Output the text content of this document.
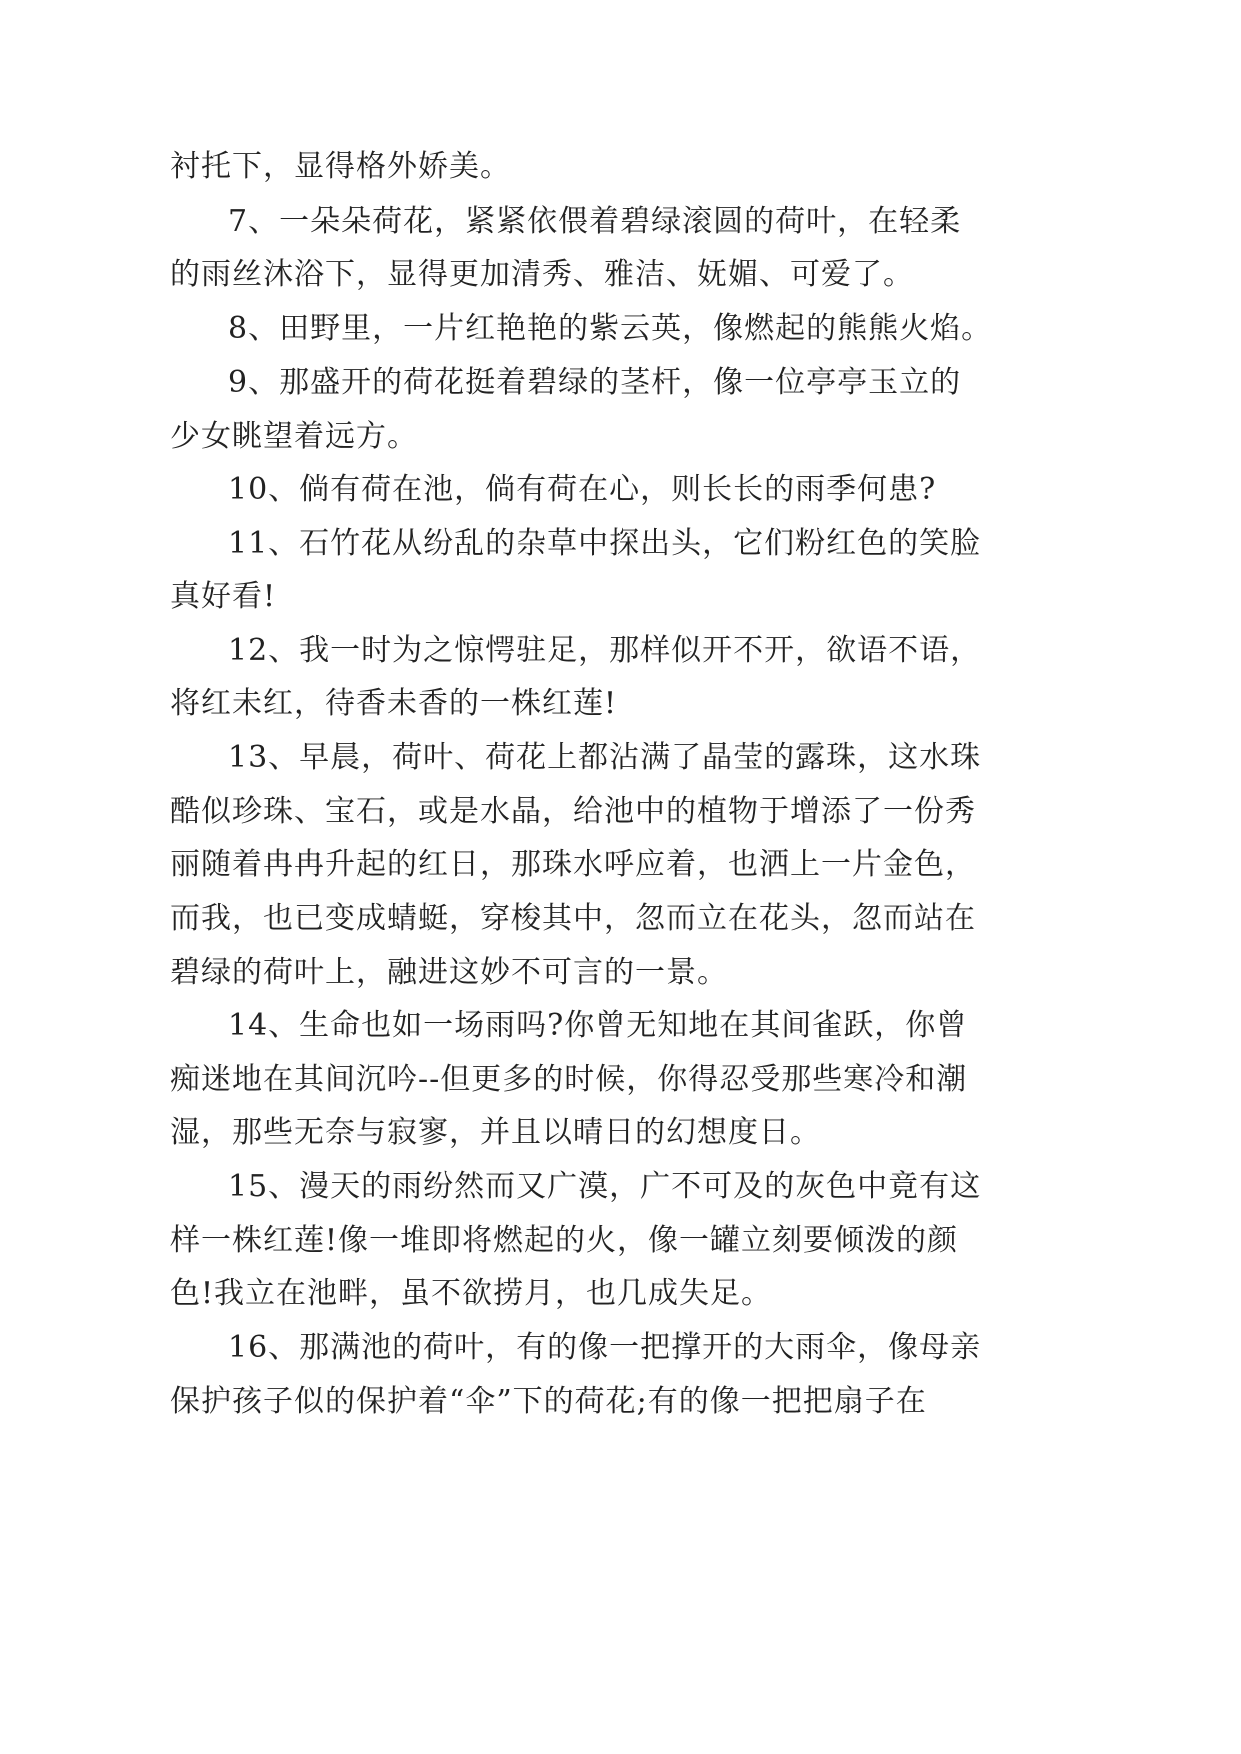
衬托下，显得格外娇美。
7、一朵朵荷花，紧紧依偎着碧绿滚圆的荷叶，在轻柔
的雨丝沐浴下，显得更加清秀、雅洁、妩媚、可爱了。
8、田野里，一片红艳艳的紫云英，像燃起的熊熊火焰。
9、那盛开的荷花挺着碧绿的茎杆，像一位亭亭玉立的
少女眺望着远方。
10、倘有荷在池，倘有荷在心，则长长的雨季何患?
11、石竹花从纷乱的杂草中探出头，它们粉红色的笑脸
真好看!
12、我一时为之惊愕驻足，那样似开不开，欲语不语，
将红未红，待香未香的一株红莲!
13、早晨，荷叶、荷花上都沾满了晶莹的露珠，这水珠
酷似珍珠、宝石，或是水晶，给池中的植物于增添了一份秀
丽随着冉冉升起的红日，那珠水呼应着，也洒上一片金色，
而我，也已变成蜻蜓，穿梭其中，忽而立在花头，忽而站在
碧绿的荷叶上，融进这妙不可言的一景。
14、生命也如一场雨吗?你曾无知地在其间雀跃，你曾
痴迷地在其间沉吟--但更多的时候，你得忍受那些寒冷和潮
湿，那些无奈与寂寥，并且以晴日的幻想度日。
15、漫天的雨纷然而又广漠，广不可及的灰色中竟有这
样一株红莲!像一堆即将燃起的火，像一罐立刻要倾泼的颜
色!我立在池畔，虽不欲捞月，也几成失足。
16、那满池的荷叶，有的像一把撑开的大雨伞，像母亲
保护孩子似的保护着“伞”下的荷花;有的像一把把扇子在
